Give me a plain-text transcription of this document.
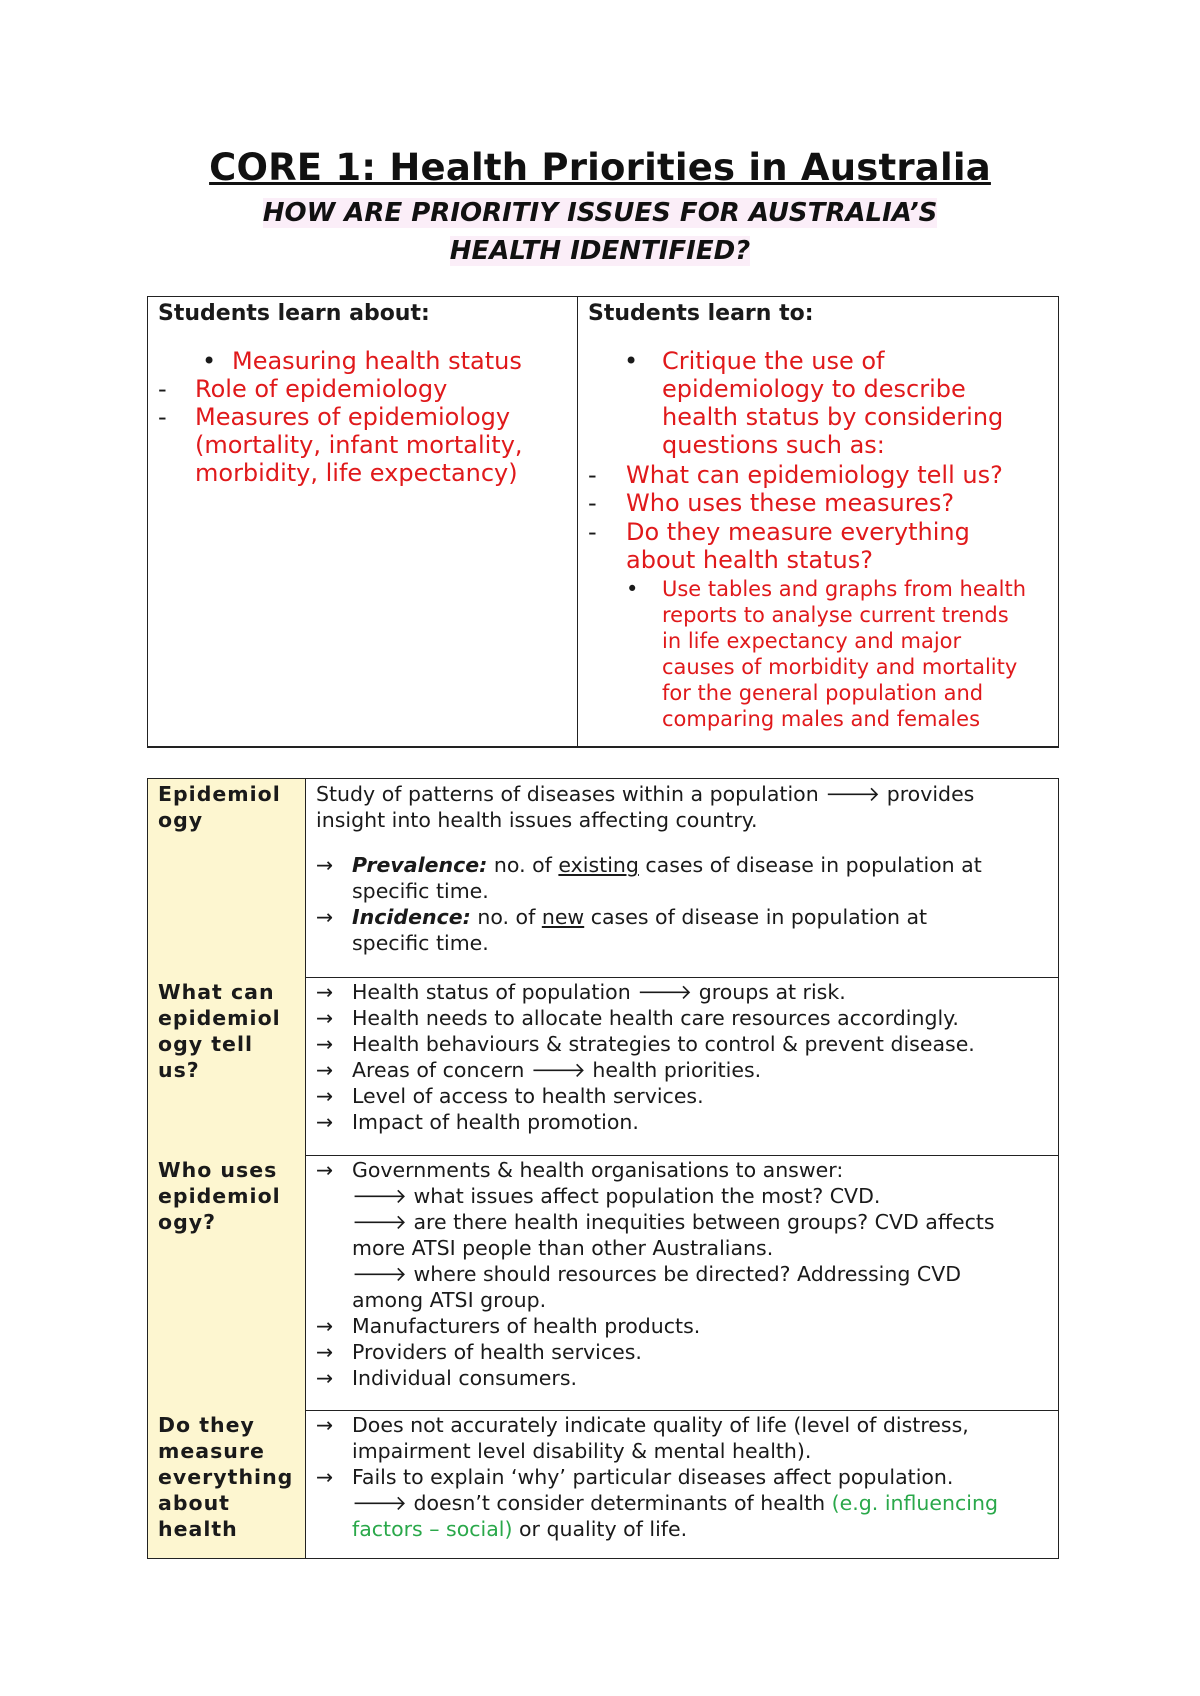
CORE 1: Health Priorities in Australia
HOW ARE PRIORITIY ISSUES FOR AUSTRALIA’S
HEALTH IDENTIFIED?
Students learn about:
• Measuring health status
- Role of epidemiology
- Measures of epidemiology
(mortality, infant mortality,
morbidity, life expectancy)
Students learn to:
• Critique the use of
epidemiology to describe
health status by considering
questions such as:
- What can epidemiology tell us?
- Who uses these measures?
- Do they measure everything
about health status?
• Use tables and graphs from health
reports to analyse current trends
in life expectancy and major
causes of morbidity and mortality
for the general population and
comparing males and females
Epidemiol ogy
Study of patterns of diseases within a population 🡒 provides
insight into health issues affecting country.
→ Prevalence: no. of existing cases of disease in population at
specific time.
→ Incidence: no. of new cases of disease in population at
specific time.
What can epidemiol ogy tell us?
→ Health status of population 🡒 groups at risk.
→ Health needs to allocate health care resources accordingly.
→ Health behaviours & strategies to control & prevent disease.
→ Areas of concern 🡒 health priorities.
→ Level of access to health services.
→ Impact of health promotion.
Who uses epidemiol ogy?
→ Governments & health organisations to answer:
🡒 what issues affect population the most? CVD.
🡒 are there health inequities between groups? CVD affects
more ATSI people than other Australians.
🡒 where should resources be directed? Addressing CVD
among ATSI group.
→ Manufacturers of health products.
→ Providers of health services.
→ Individual consumers.
Do they measure everything about health
→ Does not accurately indicate quality of life (level of distress,
impairment level disability & mental health).
→ Fails to explain ‘why’ particular diseases affect population.
🡒 doesn’t consider determinants of health (e.g. influencing
factors – social) or quality of life.
